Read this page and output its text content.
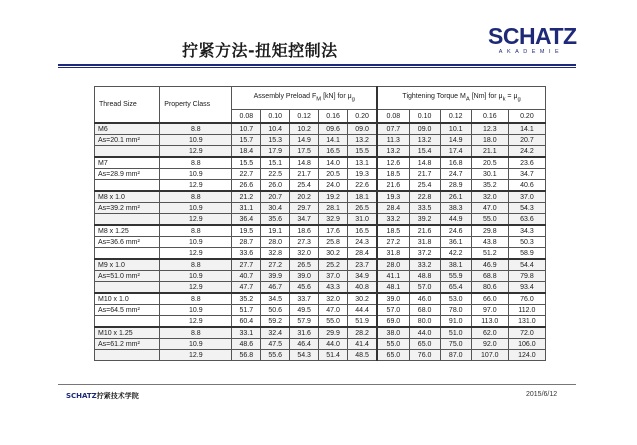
拧紧方法-扭矩控制法
SCHATZ
AKADEMIE
Thread Size	Property Class	Assembly Preload $F_M$ [kN] for $\mu_g$					Tightening Torque $M_A$ [Nm] for $\mu_k = \mu_g$
		0.08	0.10	0.12	0.16	0.20	0.08	0.10	0.12	0.16	0.20
M6	8.8	10.7	10.4	10.2	09.6	09.0	07.7	09.0	10.1	12.3	14.1
As=20.1 mm²	10.9	15.7	15.3	14.9	14.1	13.2	11.3	13.2	14.9	18.0	20.7
	12.9	18.4	17.9	17.5	16.5	15.5	13.2	15.4	17.4	21.1	24.2
M7	8.8	15.5	15.1	14.8	14.0	13.1	12.6	14.8	16.8	20.5	23.6
As=28.9 mm²	10.9	22.7	22.5	21.7	20.5	19.3	18.5	21.7	24.7	30.1	34.7
	12.9	26.6	26.0	25.4	24.0	22.6	21.6	25.4	28.9	35.2	40.6
M8 x 1.0	8.8	21.2	20.7	20.2	19.2	18.1	19.3	22.8	26.1	32.0	37.0
As=39.2 mm²	10.9	31.1	30.4	29.7	28.1	26.5	28.4	33.5	38.3	47.0	54.3
	12.9	36.4	35.6	34.7	32.9	31.0	33.2	39.2	44.9	55.0	63.6
M8 x 1.25	8.8	19.5	19.1	18.6	17.6	16.5	18.5	21.6	24.6	29.8	34.3
As=36.6 mm²	10.9	28.7	28.0	27.3	25.8	24.3	27.2	31.8	36.1	43.8	50.3
	12.9	33.6	32.8	32.0	30.2	28.4	31.8	37.2	42.2	51.2	58.9
M9 x 1.0	8.8	27.7	27.2	26.5	25.2	23.7	28.0	33.2	38.1	46.9	54.4
As=51.0 mm²	10.9	40.7	39.9	39.0	37.0	34.9	41.1	48.8	55.9	68.8	79.8
	12.9	47.7	46.7	45.6	43.3	40.8	48.1	57.0	65.4	80.6	93.4
M10 x 1.0	8.8	35.2	34.5	33.7	32.0	30.2	39.0	46.0	53.0	66.0	76.0
As=64.5 mm²	10.9	51.7	50.6	49.5	47.0	44.4	57.0	68.0	78.0	97.0	112.0
	12.9	60.4	59.2	57.9	55.0	51.9	69.0	80.0	91.0	113.0	131.0
M10 x 1.25	8.8	33.1	32.4	31.6	29.9	28.2	38.0	44.0	51.0	62.0	72.0
As=61.2 mm²	10.9	48.6	47.5	46.4	44.0	41.4	55.0	65.0	75.0	92.0	106.0
	12.9	56.8	55.6	54.3	51.4	48.5	65.0	76.0	87.0	107.0	124.0
SCHATZ拧紧技术学院	2015/6/12
